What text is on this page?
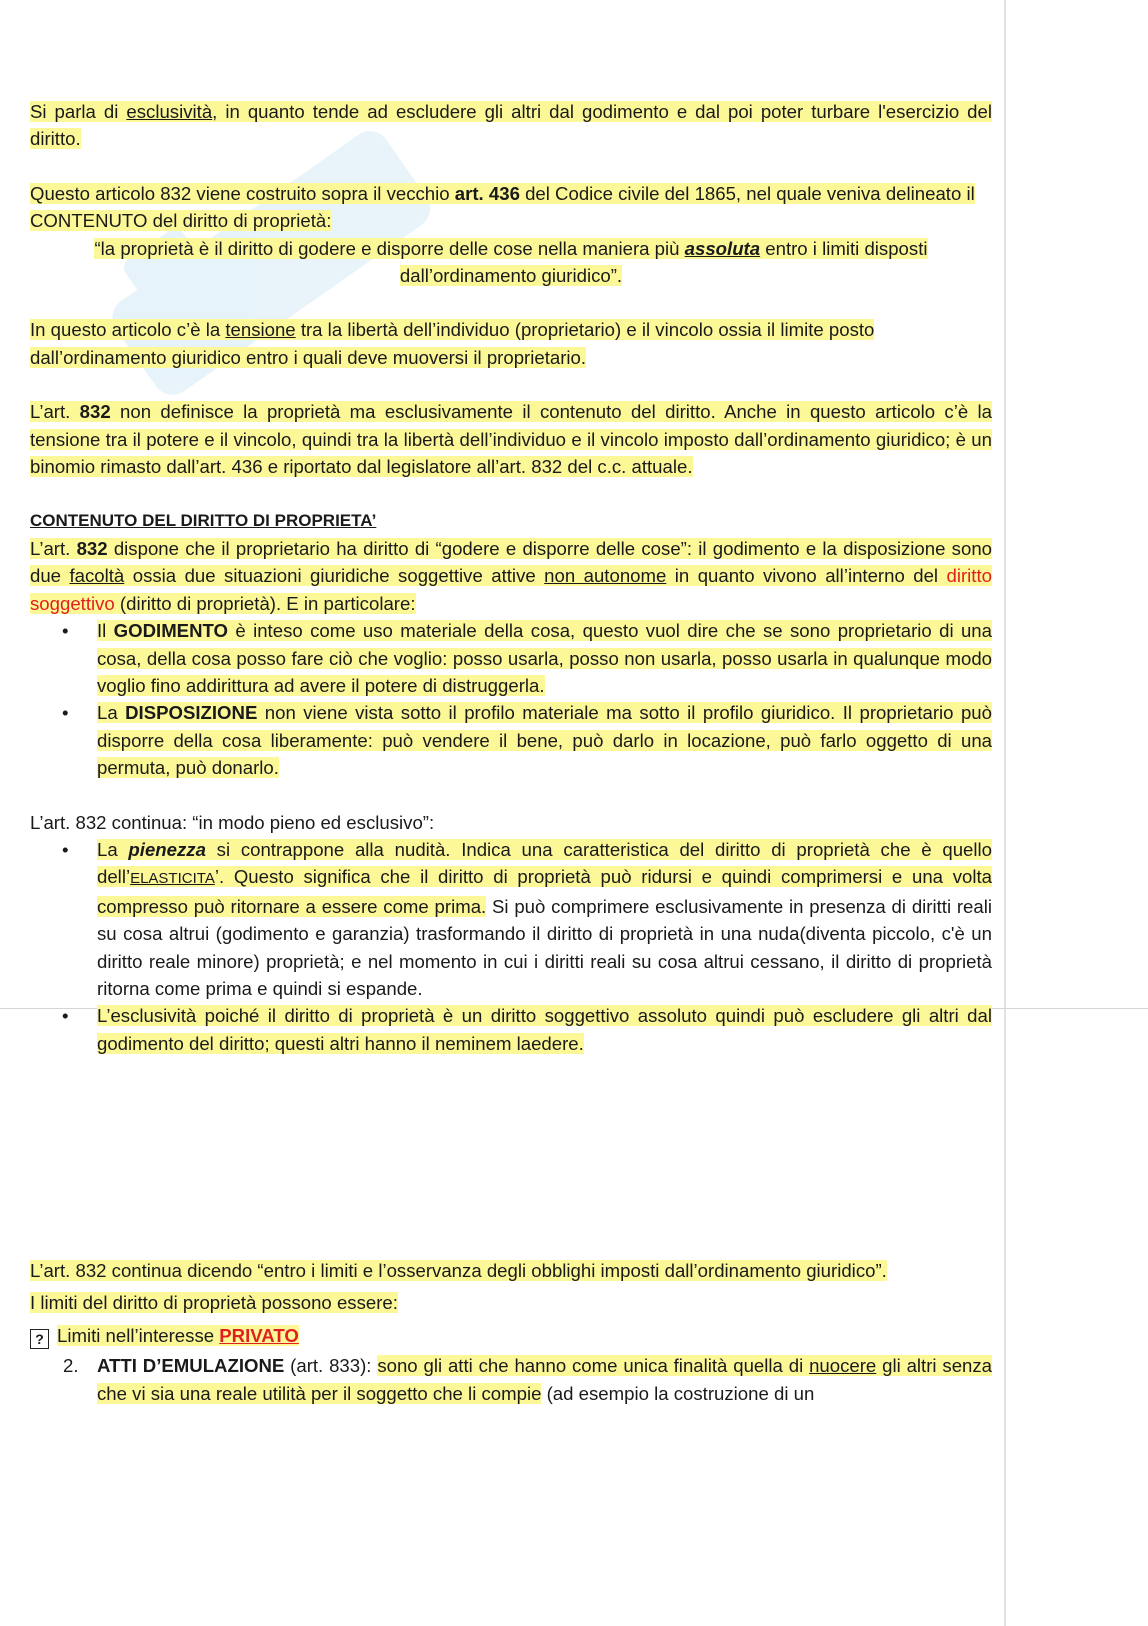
Si parla di esclusività, in quanto tende ad escludere gli altri dal godimento e dal poi poter turbare l'esercizio del diritto.

Questo articolo 832 viene costruito sopra il vecchio art. 436 del Codice civile del 1865, nel quale veniva delineato il CONTENUTO del diritto di proprietà:

“la proprietà è il diritto di godere e disporre delle cose nella maniera più assoluta entro i limiti disposti dall’ordinamento giuridico”.

In questo articolo c’è la tensione tra la libertà dell’individuo (proprietario) e il vincolo ossia il limite posto dall’ordinamento giuridico entro i quali deve muoversi il proprietario.

L’art. 832 non definisce la proprietà ma esclusivamente il contenuto del diritto. Anche in questo articolo c’è la tensione tra il potere e il vincolo, quindi tra la libertà dell’individuo e il vincolo imposto dall’ordinamento giuridico; è un binomio rimasto dall’art. 436 e riportato dal legislatore all’art. 832 del c.c. attuale.

CONTENUTO DEL DIRITTO DI PROPRIETA’

L’art. 832 dispone che il proprietario ha diritto di “godere e disporre delle cose”: il godimento e la disposizione sono due facoltà ossia due situazioni giuridiche soggettive attive non autonome in quanto vivono all’interno del diritto soggettivo (diritto di proprietà). E in particolare:

• Il GODIMENTO è inteso come uso materiale della cosa, questo vuol dire che se sono proprietario di una cosa, della cosa posso fare ciò che voglio: posso usarla, posso non usarla, posso usarla in qualunque modo voglio fino addirittura ad avere il potere di distruggerla.
• La DISPOSIZIONE non viene vista sotto il profilo materiale ma sotto il profilo giuridico. Il proprietario può disporre della cosa liberamente: può vendere il bene, può darlo in locazione, può farlo oggetto di una permuta, può donarlo.

L’art. 832 continua: “in modo pieno ed esclusivo”:

• La pienezza si contrappone alla nudità. Indica una caratteristica del diritto di proprietà che è quello dell’ELASTICITA’. Questo significa che il diritto di proprietà può ridursi e quindi comprimersi e una volta compresso può ritornare a essere come prima. Si può comprimere esclusivamente in presenza di diritti reali su cosa altrui (godimento e garanzia) trasformando il diritto di proprietà in una nuda(diventa piccolo, c'è un diritto reale minore) proprietà; e nel momento in cui i diritti reali su cosa altrui cessano, il diritto di proprietà ritorna come prima e quindi si espande.
• L’esclusività poiché il diritto di proprietà è un diritto soggettivo assoluto quindi può escludere gli altri dal godimento del diritto; questi altri hanno il neminem laedere.

L’art. 832 continua dicendo “entro i limiti e l’osservanza degli obblighi imposti dall’ordinamento giuridico”.

I limiti del diritto di proprietà possono essere:

? Limiti nell’interesse PRIVATO

2. ATTI D’EMULAZIONE (art. 833): sono gli atti che hanno come unica finalità quella di nuocere gli altri senza che vi sia una reale utilità per il soggetto che li compie (ad esempio la costruzione di un
